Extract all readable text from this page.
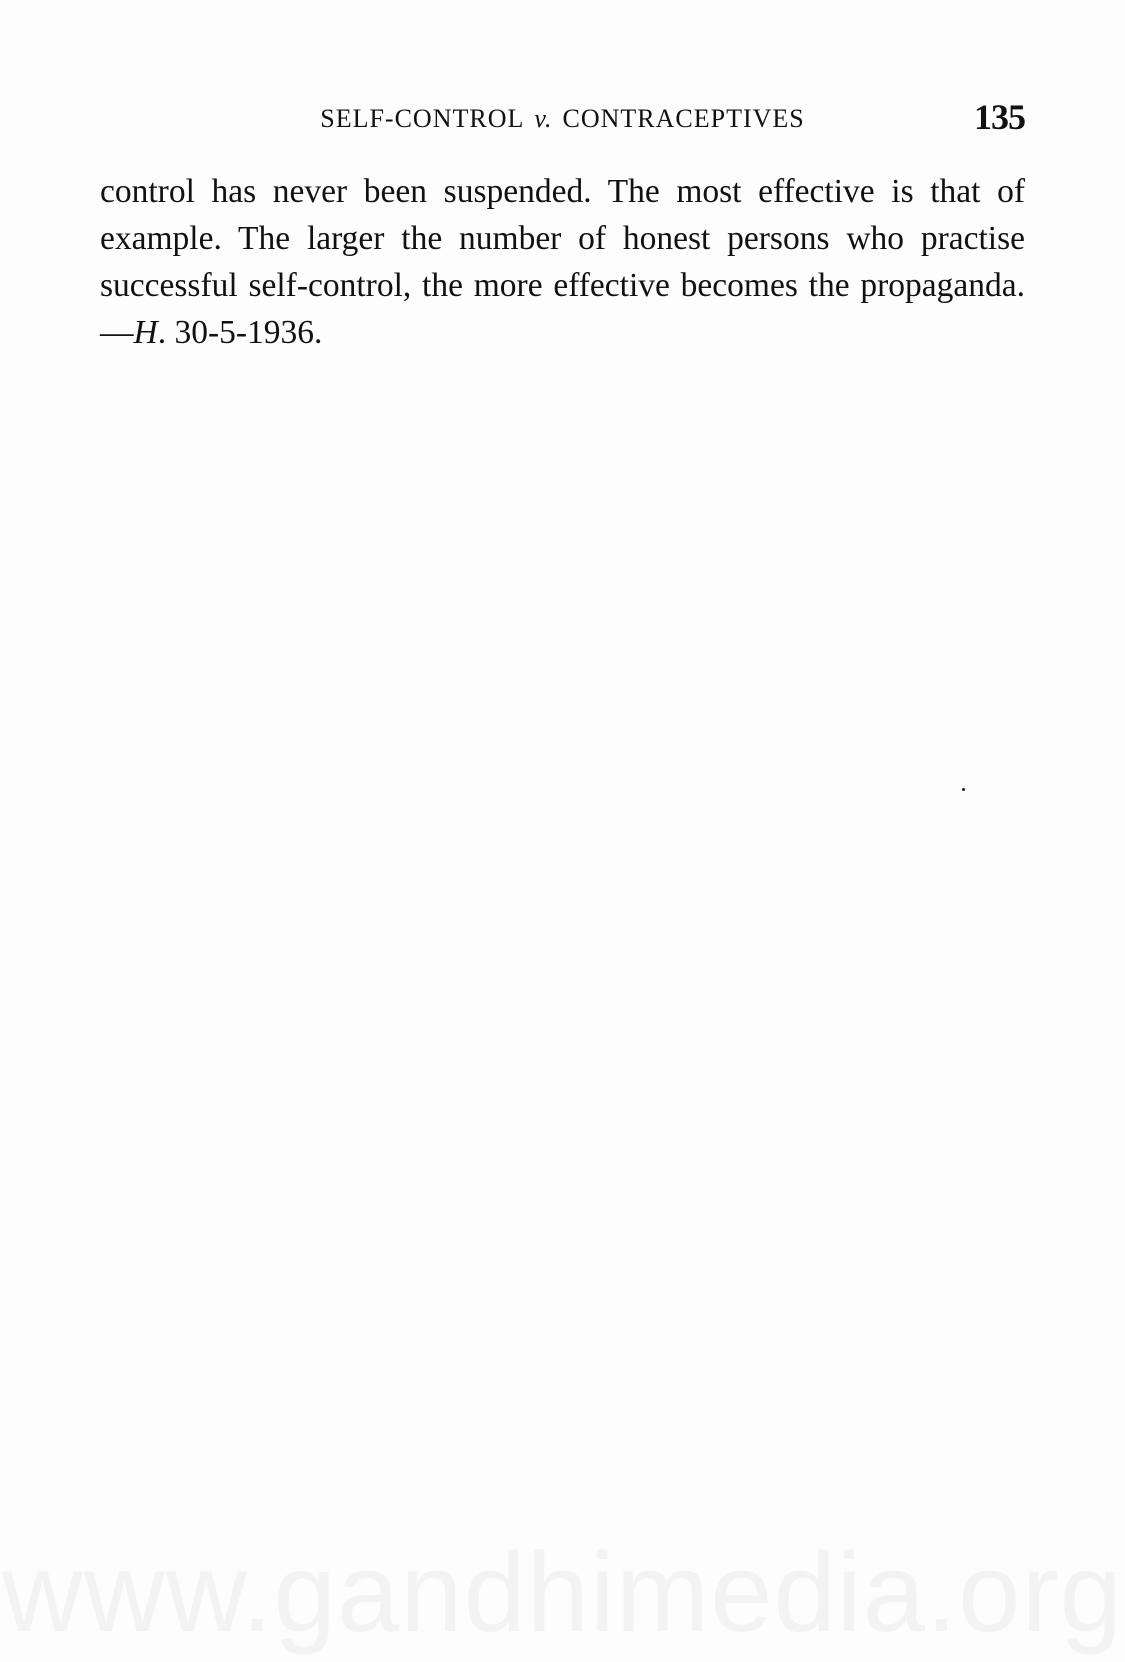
SELF-CONTROL v. CONTRACEPTIVES	135

control has never been suspended. The most effective is that of example. The larger the number of honest persons who practise successful self-control, the more effective becomes the propaganda.—H. 30-5-1936.

www.gandhimedia.org
